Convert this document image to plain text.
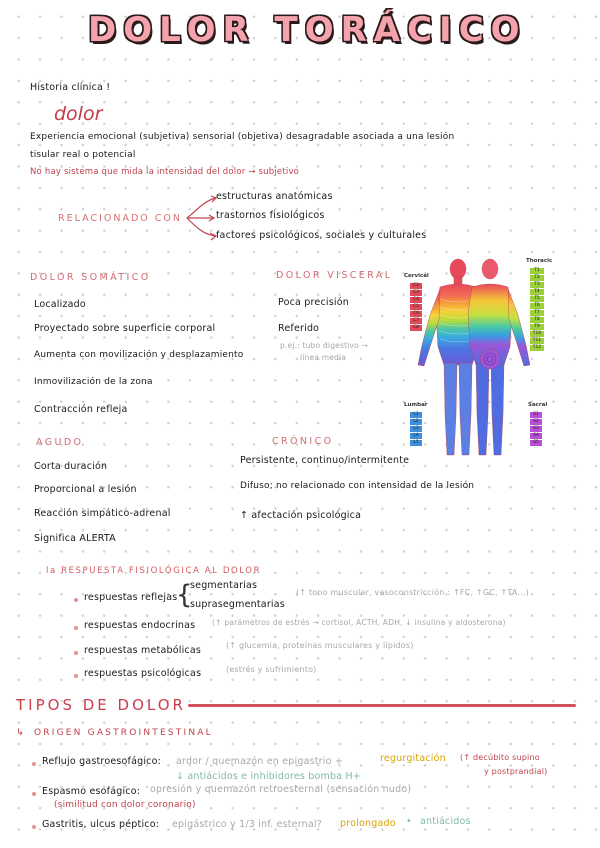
DOLOR TORÁCICO
Historia clínica !
dolor
Experiencia emocional (subjetiva) sensorial (objetiva) desagradable asociada a una lesión
tisular real o potencial
No hay sistema que mida la intensidad del dolor → subjetivo
RELACIONADO CON
estructuras anatómicas
trastornos fisiológicos
factores psicológicos, sociales y culturales
DOLOR SOMÁTICO
Localizado
Proyectado sobre superficie corporal
Aumenta con movilización y desplazamiento
Inmovilización de la zona
Contracción refleja
DOLOR VISCERAL
Poca precisión
Referido
p.ej.: tubo digestivo →
línea media
Cervical
C2
C3
C4
C5
C6
C7
C8
Thoracic
T1
T2
T3
T4
T5
T6
T7
T8
T9
T10
T11
T12
Lumbar
L1
L2
L3
L4
L5
Sacral
S1
S2
S3
S4
S5
AGUDO
Corta duración
Proporcional a lesión
Reacción simpático-adrenal
Significa ALERTA
CRÓNICO
Persistente, continuo/intermitente
Difuso; no relacionado con intensidad de la lesión
↑ afectación psicológica
la RESPUESTA FISIOLÓGICA AL DOLOR
respuestas reflejas
{
segmentarias
suprasegmentarias
(↑ tono muscular, vasoconstricción : ↑FC, ↑GC, ↑TA...)
respuestas endocrinas (↑ parámetros de estrés → cortisol, ACTH, ADH, ↓ insulina y aldosterona)
respuestas metabólicas	(↑ glucemia, proteínas musculares y lípidos)
respuestas psicológicas	(estrés y sufrimiento)
TIPOS DE DOLOR
↳ ORIGEN GASTROINTESTINAL
Reflujo gastroesofágico: ardor / quemazón en epigastrio +	regurgitación (↑ decúbito supino
y postprandial)
↓ antiácidos e inhibidores bomba H+
Espasmo esofágico: opresión y quemazón retroesternal (sensación nudo)
(similitud con dolor coronario)
Gastritis, ulcus péptico: epigástrico y 1/3 inf. esternal? prolongado • antiácidos
